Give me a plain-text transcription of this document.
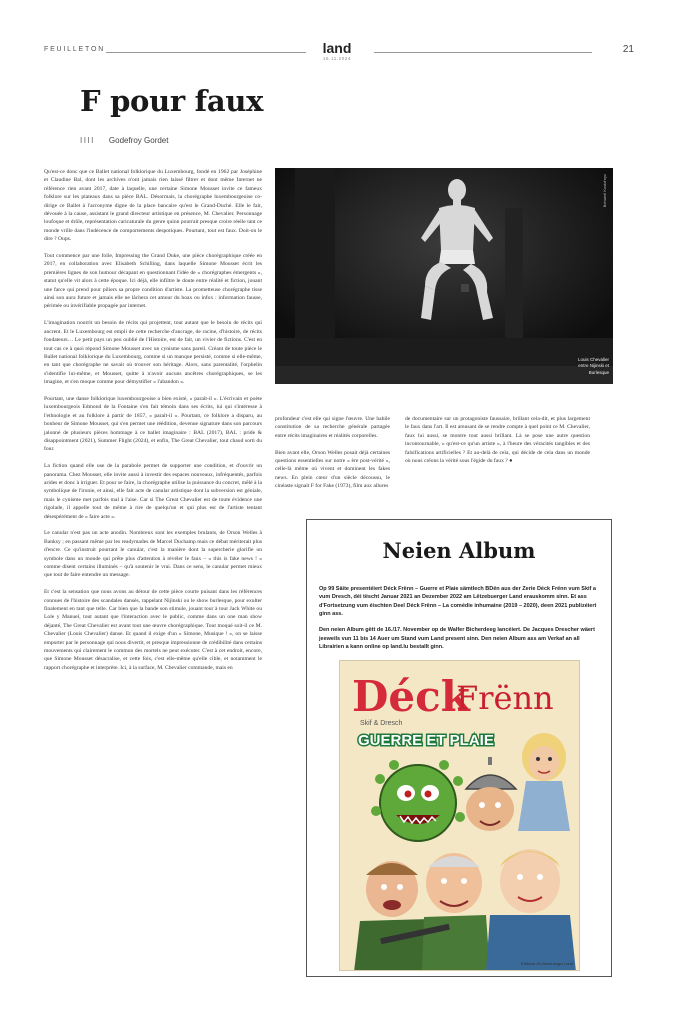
FEUILLETON	land
15.11.2024
21
F pour faux
IIII Godefroy Gordet

Qu'est-ce donc que ce Ballet national folklorique du Luxembourg, fondé en 1962 par Joséphine et Claudine Bal, dont les archives n'ont jamais rien laissé filtrer et dont même Internet ne référence rien avant 2017, date à laquelle, une certaine Simone Mousset invite ce fameux folklore sur les plateaux dans sa pièce BAL. Désormais, la chorégraphe luxembourgeoise co-dirige ce Ballet à l'acronyme digne de la place bancaire qu'est le Grand-Duché. Elle le fait, dévouée à la cause, assistant le grand directeur artistique en présence, M. Chevalier. Personnage loufoque et drôle, représentation caricaturale du genre quinn pourrait presque croire réelle tant ce monde vrille dans l'indécence de comportements despotiques. Pourtant, tout est faux. Doit-on le dire ? Oups.

Tout commence par une folie, Impressing the Grand Duke, une pièce chorégraphique créée en 2017, en collaboration avec Elisabeth Schilling, dans laquelle Simone Mousset écrit les premières lignes de son humour décapant en questionnant l'idée de « chorégraphes émergents », statut qu'elle vit alors à cette époque. Ici déjà, elle infiltre le doute entre réalité et fiction, jouant une farce qui prend pour piliers sa propre condition d'artiste. La prometteuse chorégraphe tisse ainsi son aura future et jamais elle ne lâchera cet amour du hoax ou infox : information fausse, périmée ou invérifiable propagée par internet.

L'imagination nourrit un besoin de récits qui projettent, tout autant que le besoin de récits qui ancrent. Et le Luxembourg est empli de cette recherche d'ancrage, de racine, d'histoire, de récits fondateurs… Le petit pays un peu oublié de l'Histoire, est de fait, un vivier de fictions. C'est en tout cas ce à quoi répond Simone Mousset avec un cynisme sans pareil. Créant de toute pièce le Ballet national folklorique du Luxembourg, comme si un manque persisté, comme si elle-même, en tant que chorégraphe ne savait où trouver son héritage. Alors, sans parentalité, l'orphelin s'identifie lui-même, et Mousset, quitte à n'avoir aucuns ancêtres chorégraphiques, se les imagine, et s'en moque comme pour démystifier « l'abandon ».

Pourtant, une danse folklorique luxembourgeoise a bien existé, « paraît-il ». L'écrivain et poète luxembourgeois Edmond de la Fontaine s'en fait témoin dans ses écrits, lui qui s'intéresse à l'ethnologie et au folklore à partir de 1857, « paraît-il ». Pourtant, ce folklore a disparu, au bonheur de Simone Mousset, qui s'en permet une réédition, devenue signature dans son parcours jalonné de plusieurs pièces hommage à ce ballet imaginaire : BAL (2017), BAL : pride & disappointment (2021), Summer Flight (2024), et enfin, The Great Chevalier, tout chaud sorti du four.

La fiction quand elle use de la parabole permet de supporter une condition, et d'ouvrir un panorama. Chez Mousset, elle invite aussi à investir des espaces nouveaux, infréquentés, parfois arides et donc à irriguer. Et pour se faire, la chorégraphe utilise la puissance du concret, mêlé à la symbolique de l'ironie, et ainsi, elle fait acte de canular artistique dont la subversion est géniale, mais le cynisme met parfois mal à l'aise. Car si The Great Chevalier est de toute évidence une rigolade, il appelle tout de même à rire de quelqu'un et qui plus est de l'artiste tentant désespérément de « faire acte ».

Le canular n'est pas un acte anodin. Nombreux sont les exemples brulants, de Orson Welles à Banksy ; en passant même par les readymades de Marcel Duchamp mais ce débat mériterait plus d'encre. Ce qu'instruit pourtant le canular, c'est la manière dont la supercherie glorifie un symbole dans un monde qui prête plus d'attention à révéler le faux – « this is fake news ! » comme disent certains illuminés – qu'à soutenir le vrai. Dans ce sens, le canular permet mieux que tout de faire entendre un message.

Et c'est la sensation que nous avons au détour de cette pièce courte puisant dans les références connues de l'histoire des scandales dansés, rappelant Nijinski ou le show burlesque, pour exulter finalement en tant que telle. Car bien que la bande son stimule, jouant tour à tour Jack White ou Lole y Manuel, tout autant que l'interaction avec le public, comme dans un one man show déjanté, The Great Chevalier est avant tout une œuvre chorégraphique. Tout moqué soit-il ce M. Chevalier (Louis Chevalier) danse. Et quand il exige d'un « Simone, Musique ! », on se laisse emporter par le personnage qui nous divertit, et presque impressionne de crédibilité dans certains mouvements qui clairement le commun des mortels ne peut exécuter. C'est à cet endroit, encore, que Simone Mousset désacralise, et cette fois, c'est elle-même qu'elle cible, et notamment le rapport chorégraphe et interprète. Ici, à la surface, M. Chevalier commande, mais en

Bohumil Kostohryz
Louis Chevalier entre Nijinski et Burlesque

profondeur c'est elle qui signe l'œuvre. Une habile constitution de sa recherche générale partagée entre récits imaginaires et réalités corporelles.

Bien avant elle, Orson Welles posait déjà certaines questions essentielles sur notre « ère post-vérité », celle-là même où vivent et dominent les fakes news. En plein cœur d'un siècle découssu, le cinéaste signait F for Fake (1973), film aux allures

de documentaire sur un protagoniste faussaire, brillant cela-dit, et plus largement le faux dans l'art. Il est amusant de se rendre compte à quel point ce M. Chevalier, faux lui aussi, se montre tout aussi brillant. Là se pose une autre question incontournable, « qu'est-ce qu'un artiste », à l'heure des véracités tangibles et des falsifications artificielles ? Et au-delà de cela, qui décide de cela dans un monde où nous créons la vérité sous l'égide du faux ? ●

Neien Album

Op 99 Säite presentéiert Déck Frënn – Guerre et Plaie sämtlech BDën aus der Zerie Déck Frënn vum Skif a vum Dresch, déi tëscht Januar 2021 an Dezember 2022 am Lëtzebuerger Land erauskomm sinn. Et ass d'Fortsetzung vum éischten Deel Déck Frënn – La comédie inhumaine (2019 – 2020), deen 2021 publizéiert ginn ass.

Den neien Album gëtt de 16./17. November op de Walfer Bicherdeeg lancéiert. De Jacques Drescher wäert jeeweils vun 11 bis 14 Auer um Stand vum Land present sinn. Den neien Album ass am Verkaf an all Librairien a kann online op land.lu bestallt ginn.

Déck
Frënn
Skif & Dresch
GUERRE ET PLAIE
Éditions d'Lëtzebuerger Land
